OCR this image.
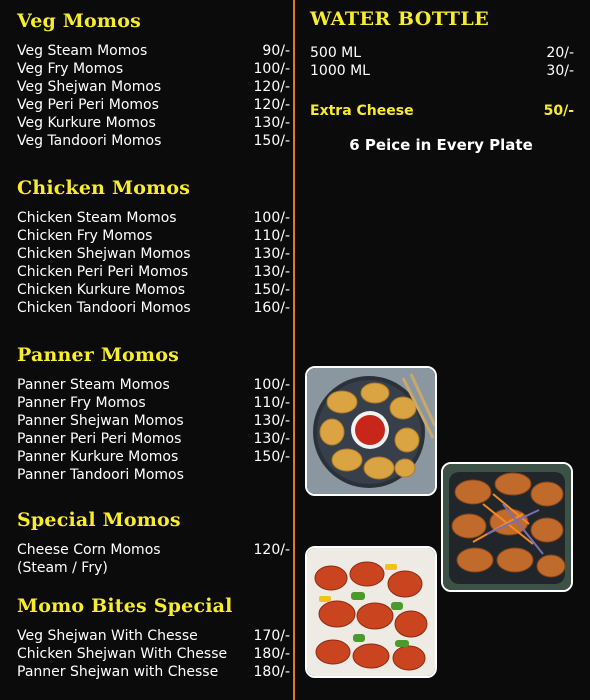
Veg Momos
Veg Steam Momos	90/-
Veg Fry Momos	100/-
Veg Shejwan Momos	120/-
Veg Peri Peri Momos	120/-
Veg Kurkure Momos	130/-
Veg Tandoori Momos	150/-
Chicken Momos
Chicken Steam Momos	100/-
Chicken Fry Momos	110/-
Chicken Shejwan Momos	130/-
Chicken Peri Peri Momos	130/-
Chicken Kurkure Momos	150/-
Chicken Tandoori Momos	160/-
Panner Momos
Panner Steam Momos	100/-
Panner Fry Momos	110/-
Panner Shejwan Momos	130/-
Panner Peri Peri Momos	130/-
Panner Kurkure Momos	150/-
Panner Tandoori Momos
Special Momos
Cheese Corn Momos	120/-
(Steam / Fry)
Momo Bites Special
Veg Shejwan With Chesse	170/-
Chicken Shejwan With Chesse 180/-
Panner Shejwan with Chesse	180/-
WATER BOTTLE
500 ML	20/-
1000 ML	30/-
Extra Cheese	50/-
6 Peice in Every Plate
